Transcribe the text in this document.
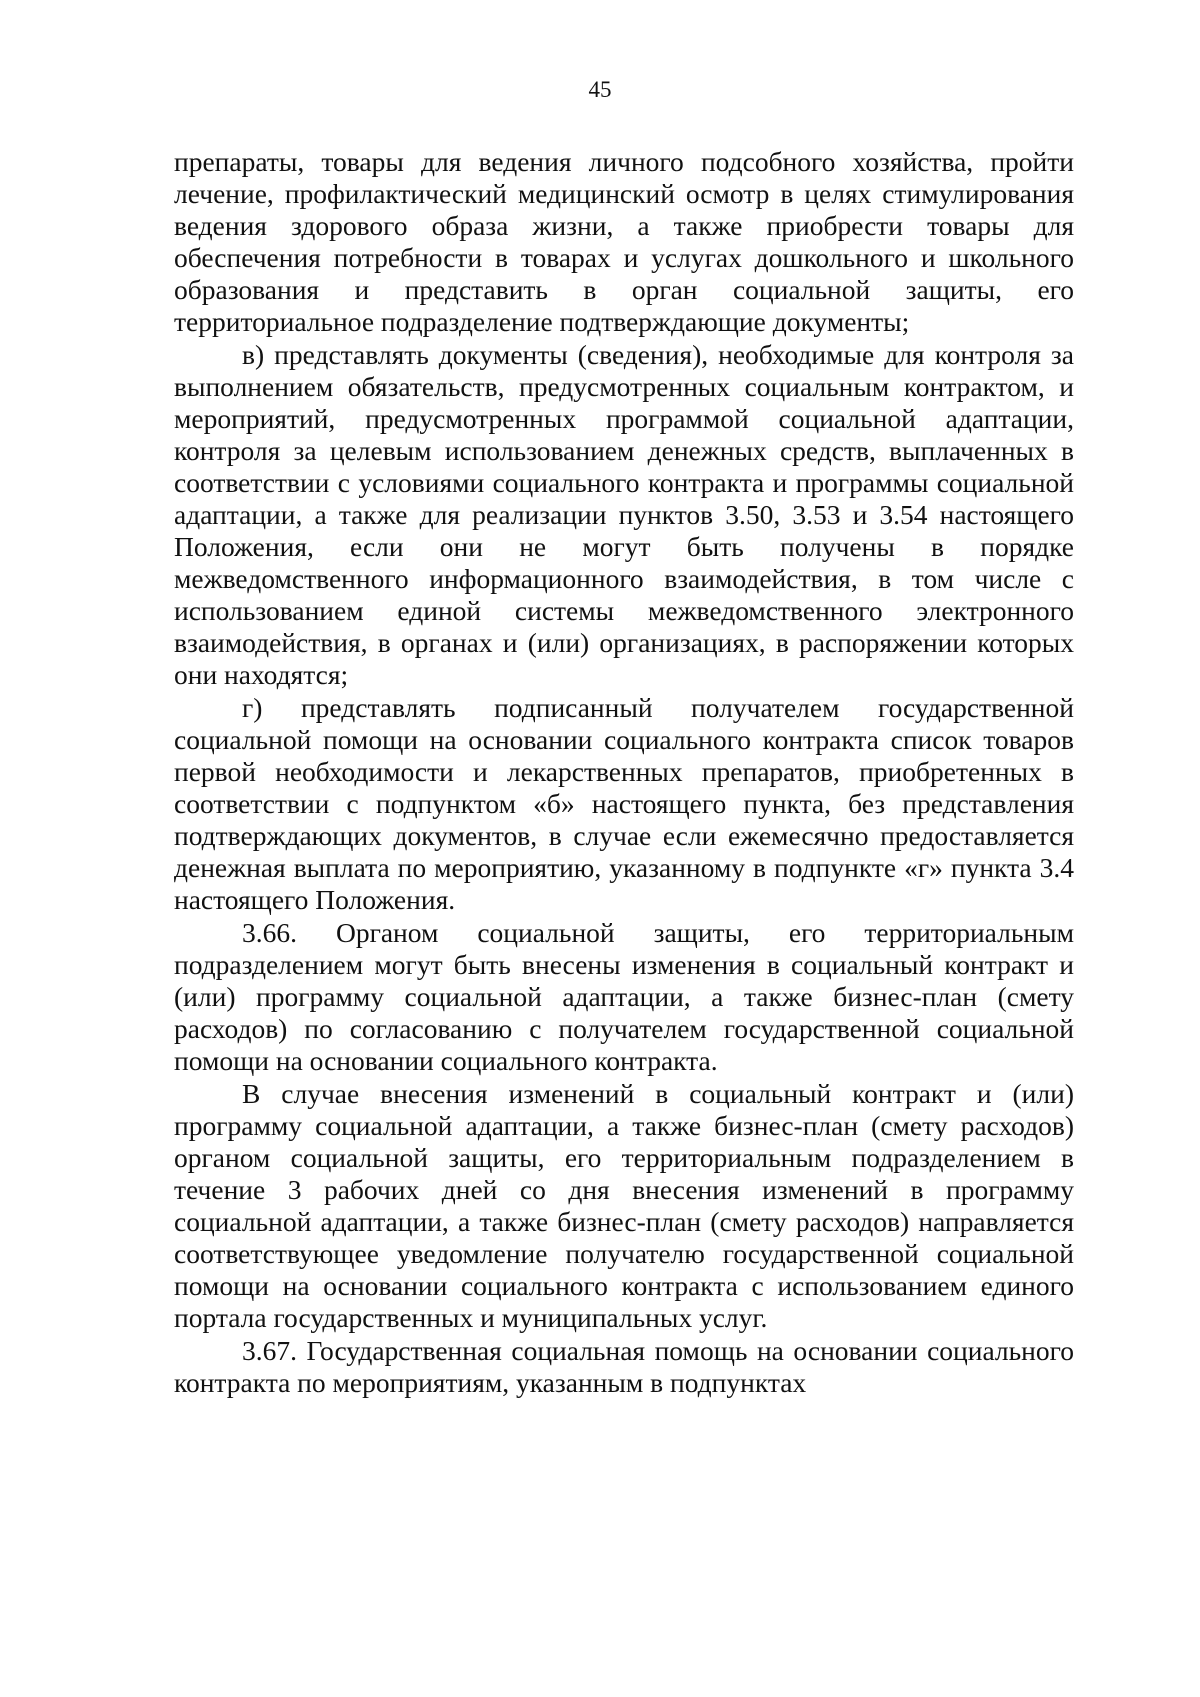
45

препараты, товары для ведения личного подсобного хозяйства, пройти лечение, профилактический медицинский осмотр в целях стимулирования ведения здорового образа жизни, а также приобрести товары для обеспечения потребности в товарах и услугах дошкольного и школьного образования и представить в орган социальной защиты, его территориальное подразделение подтверждающие документы;

в) представлять документы (сведения), необходимые для контроля за выполнением обязательств, предусмотренных социальным контрактом, и мероприятий, предусмотренных программой социальной адаптации, контроля за целевым использованием денежных средств, выплаченных в соответствии с условиями социального контракта и программы социальной адаптации, а также для реализации пунктов 3.50, 3.53 и 3.54 настоящего Положения, если они не могут быть получены в порядке межведомственного информационного взаимодействия, в том числе с использованием единой системы межведомственного электронного взаимодействия, в органах и (или) организациях, в распоряжении которых они находятся;

г) представлять подписанный получателем государственной социальной помощи на основании социального контракта список товаров первой необходимости и лекарственных препаратов, приобретенных в соответствии с подпунктом «б» настоящего пункта, без представления подтверждающих документов, в случае если ежемесячно предоставляется денежная выплата по мероприятию, указанному в подпункте «г» пункта 3.4 настоящего Положения.

3.66. Органом социальной защиты, его территориальным подразделением могут быть внесены изменения в социальный контракт и (или) программу социальной адаптации, а также бизнес-план (смету расходов) по согласованию с получателем государственной социальной помощи на основании социального контракта.

В случае внесения изменений в социальный контракт и (или) программу социальной адаптации, а также бизнес-план (смету расходов) органом социальной защиты, его территориальным подразделением в течение 3 рабочих дней со дня внесения изменений в программу социальной адаптации, а также бизнес-план (смету расходов) направляется соответствующее уведомление получателю государственной социальной помощи на основании социального контракта с использованием единого портала государственных и муниципальных услуг.

3.67. Государственная социальная помощь на основании социального контракта по мероприятиям, указанным в подпунктах
